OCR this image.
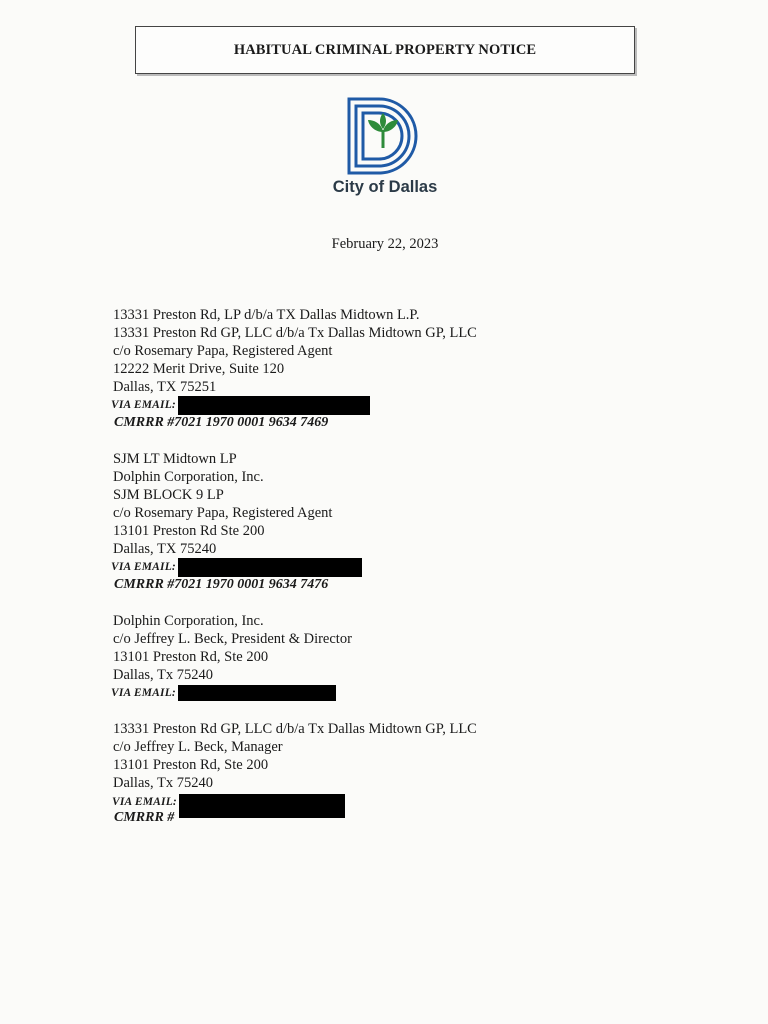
HABITUAL CRIMINAL PROPERTY NOTICE
City of Dallas
February 22, 2023
13331 Preston Rd, LP d/b/a TX Dallas Midtown L.P.
13331 Preston Rd GP, LLC d/b/a Tx Dallas Midtown GP, LLC
c/o Rosemary Papa, Registered Agent
12222 Merit Drive, Suite 120
Dallas, TX 75251
VIA EMAIL:
CMRRR #7021 1970 0001 9634 7469
SJM LT Midtown LP
Dolphin Corporation, Inc.
SJM BLOCK 9 LP
c/o Rosemary Papa, Registered Agent
13101 Preston Rd Ste 200
Dallas, TX 75240
VIA EMAIL:
CMRRR #7021 1970 0001 9634 7476
Dolphin Corporation, Inc.
c/o Jeffrey L. Beck, President & Director
13101 Preston Rd, Ste 200
Dallas, Tx 75240
VIA EMAIL:
13331 Preston Rd GP, LLC d/b/a Tx Dallas Midtown GP, LLC
c/o Jeffrey L. Beck, Manager
13101 Preston Rd, Ste 200
Dallas, Tx 75240
VIA EMAIL:
CMRRR #
